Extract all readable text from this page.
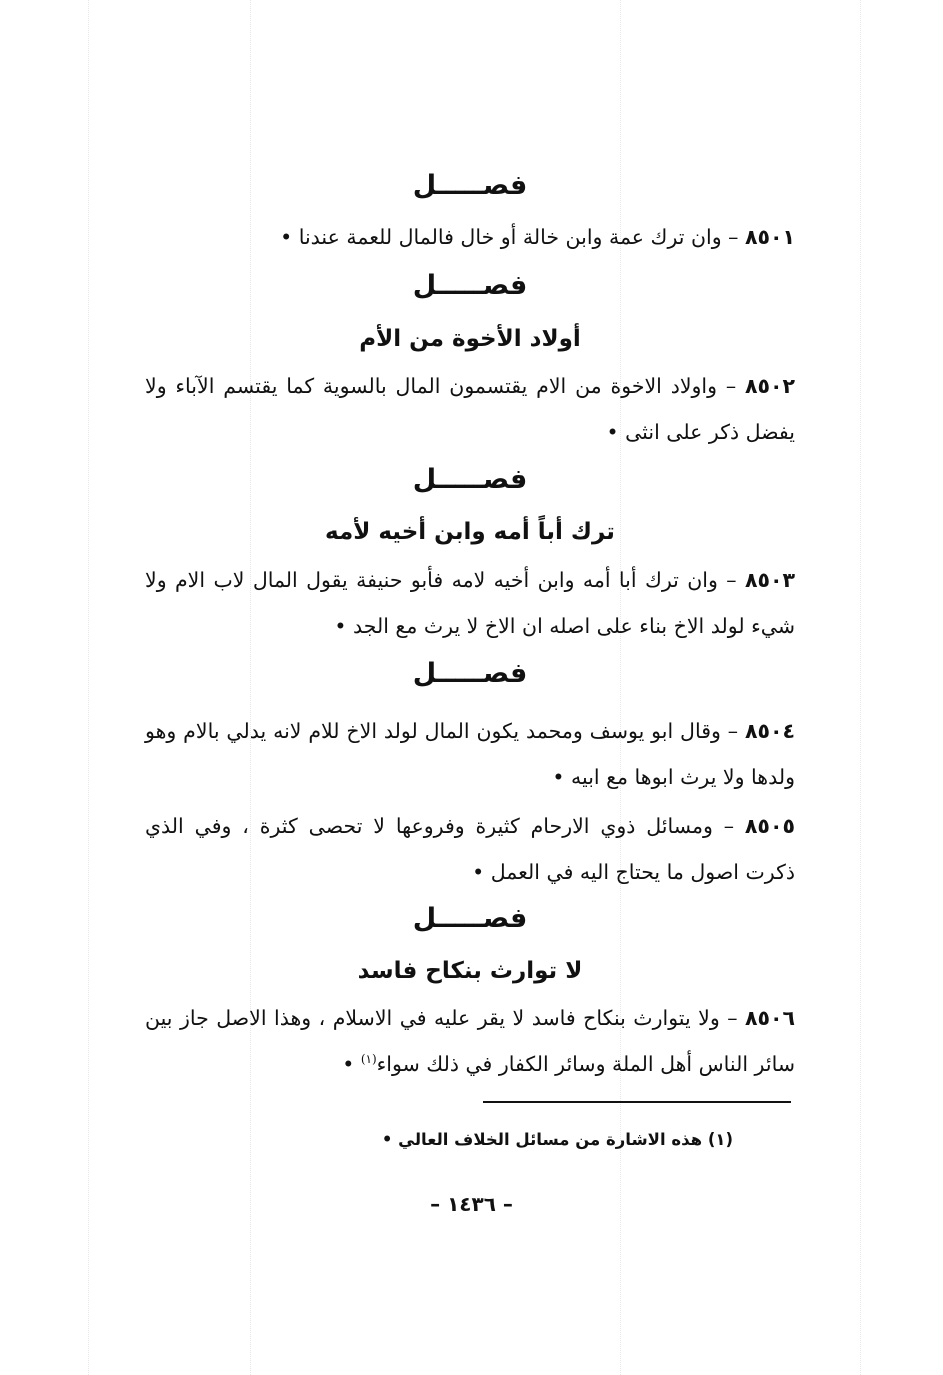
فصـــــل
٨٥٠١ – وان ترك عمة وابن خالة أو خال فالمال للعمة عندنا •
فصـــــل
أولاد الأخوة من الأم
٨٥٠٢ – واولاد الاخوة من الام يقتسمون المال بالسوية كما يقتسم الآباء ولا يفضل ذكر على انثى •
فصـــــل
ترك أباً أمه وابن أخيه لأمه
٨٥٠٣ – وان ترك أبا أمه وابن أخيه لامه فأبو حنيفة يقول المال لاب الام ولا شيء لولد الاخ بناء على اصله ان الاخ لا يرث مع الجد •
فصـــــل
٨٥٠٤ – وقال ابو يوسف ومحمد يكون المال لولد الاخ للام لانه يدلي بالام وهو ولدها ولا يرث ابوها مع ابيه •
٨٥٠٥ – ومسائل ذوي الارحام كثيرة وفروعها لا تحصى كثرة ، وفي الذي ذكرت اصول ما يحتاج اليه في العمل •
فصـــــل
لا توارث بنكاح فاسد
٨٥٠٦ – ولا يتوارث بنكاح فاسد لا يقر عليه في الاسلام ، وهذا الاصل جاز بين سائر الناس أهل الملة وسائر الكفار في ذلك سواء$^{(١)}$ •
(١) هذه الاشارة من مسائل الخلاف العالي •
– ١٤٣٦ –
